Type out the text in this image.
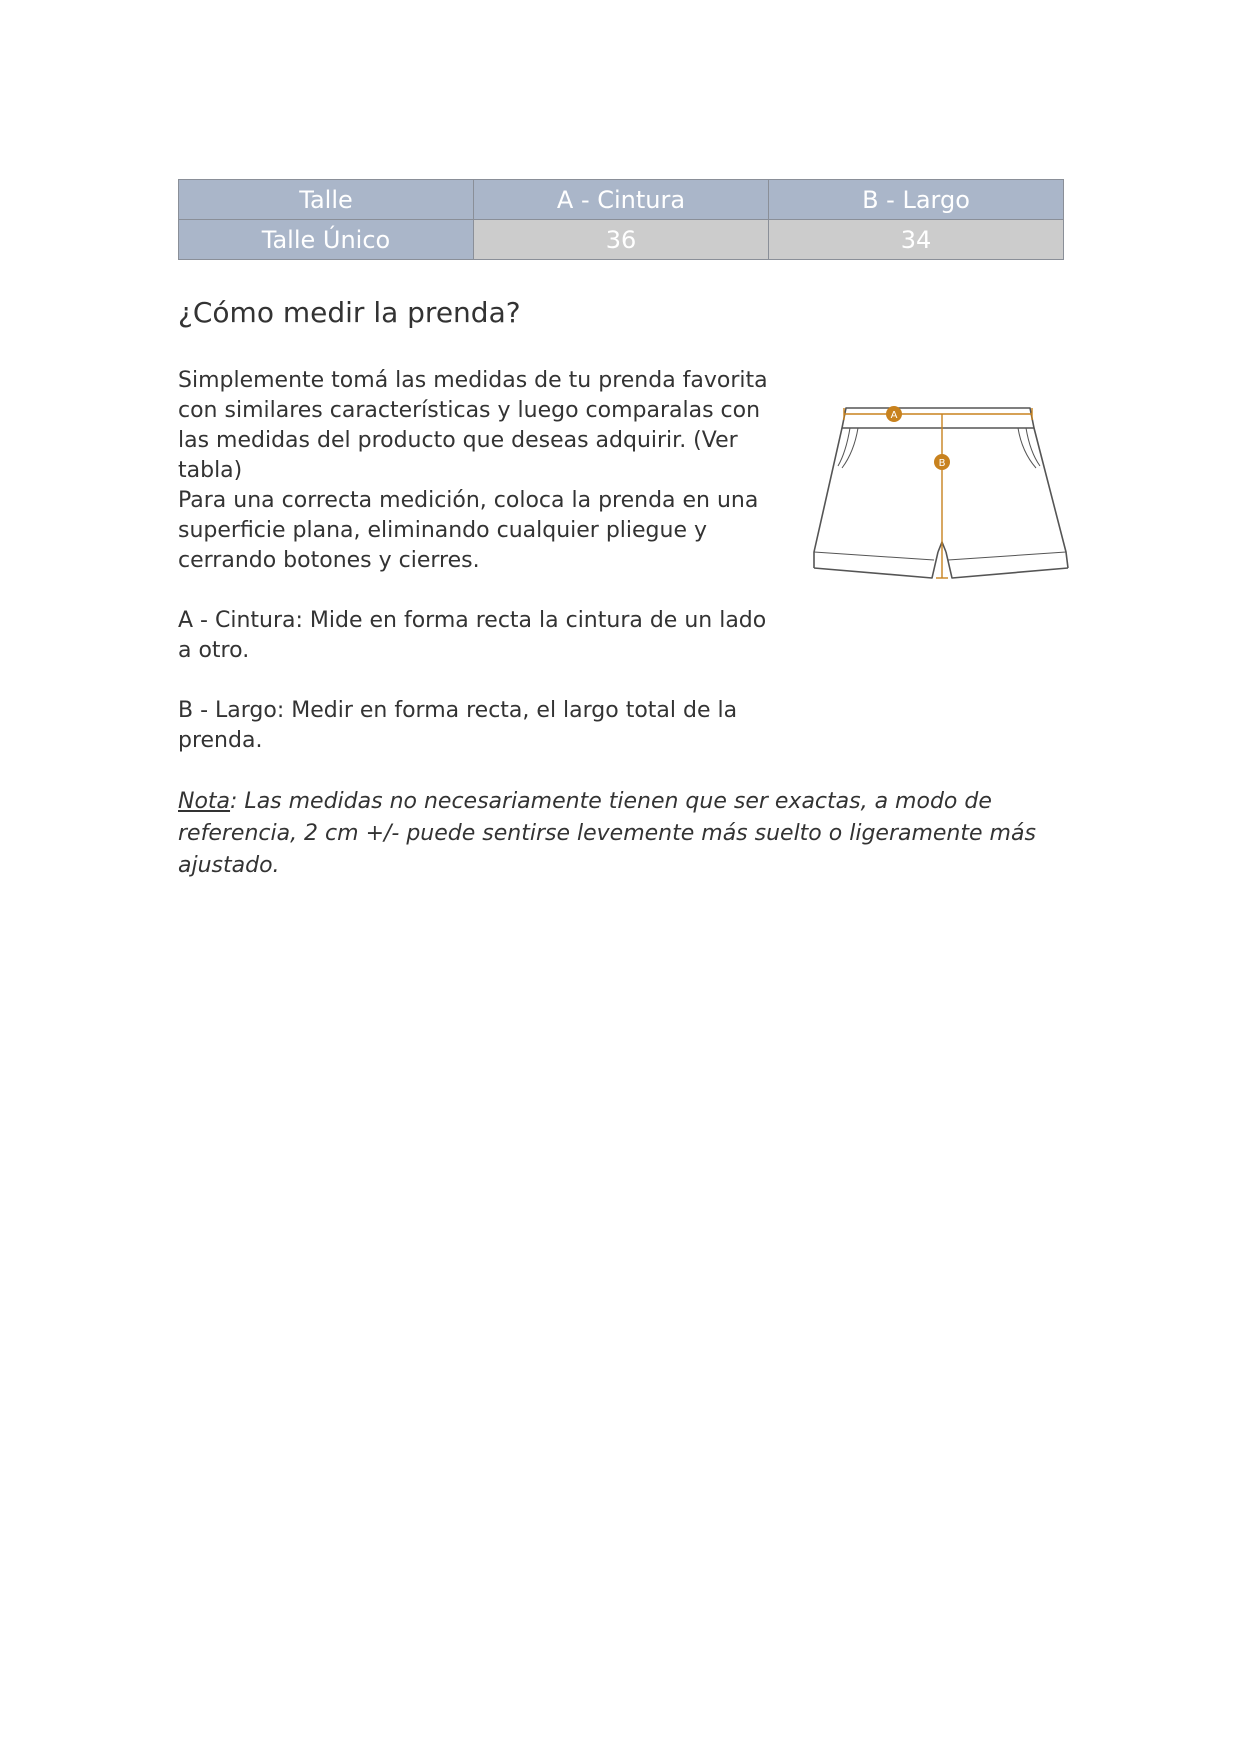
Talle	A - Cintura	B - Largo
Talle Único	36	34
¿Cómo medir la prenda?

Simplemente tomá las medidas de tu prenda favorita con similares características y luego comparalas con las medidas del producto que deseas adquirir. (Ver tabla)

Para una correcta medición, coloca la prenda en una superficie plana, eliminando cualquier pliegue y cerrando botones y cierres.

A - Cintura: Mide en forma recta la cintura de un lado a otro.

B - Largo: Medir en forma recta, el largo total de la prenda.

Nota: Las medidas no necesariamente tienen que ser exactas, a modo de referencia, 2 cm +/- puede sentirse levemente más suelto o ligeramente más ajustado.

A
B
